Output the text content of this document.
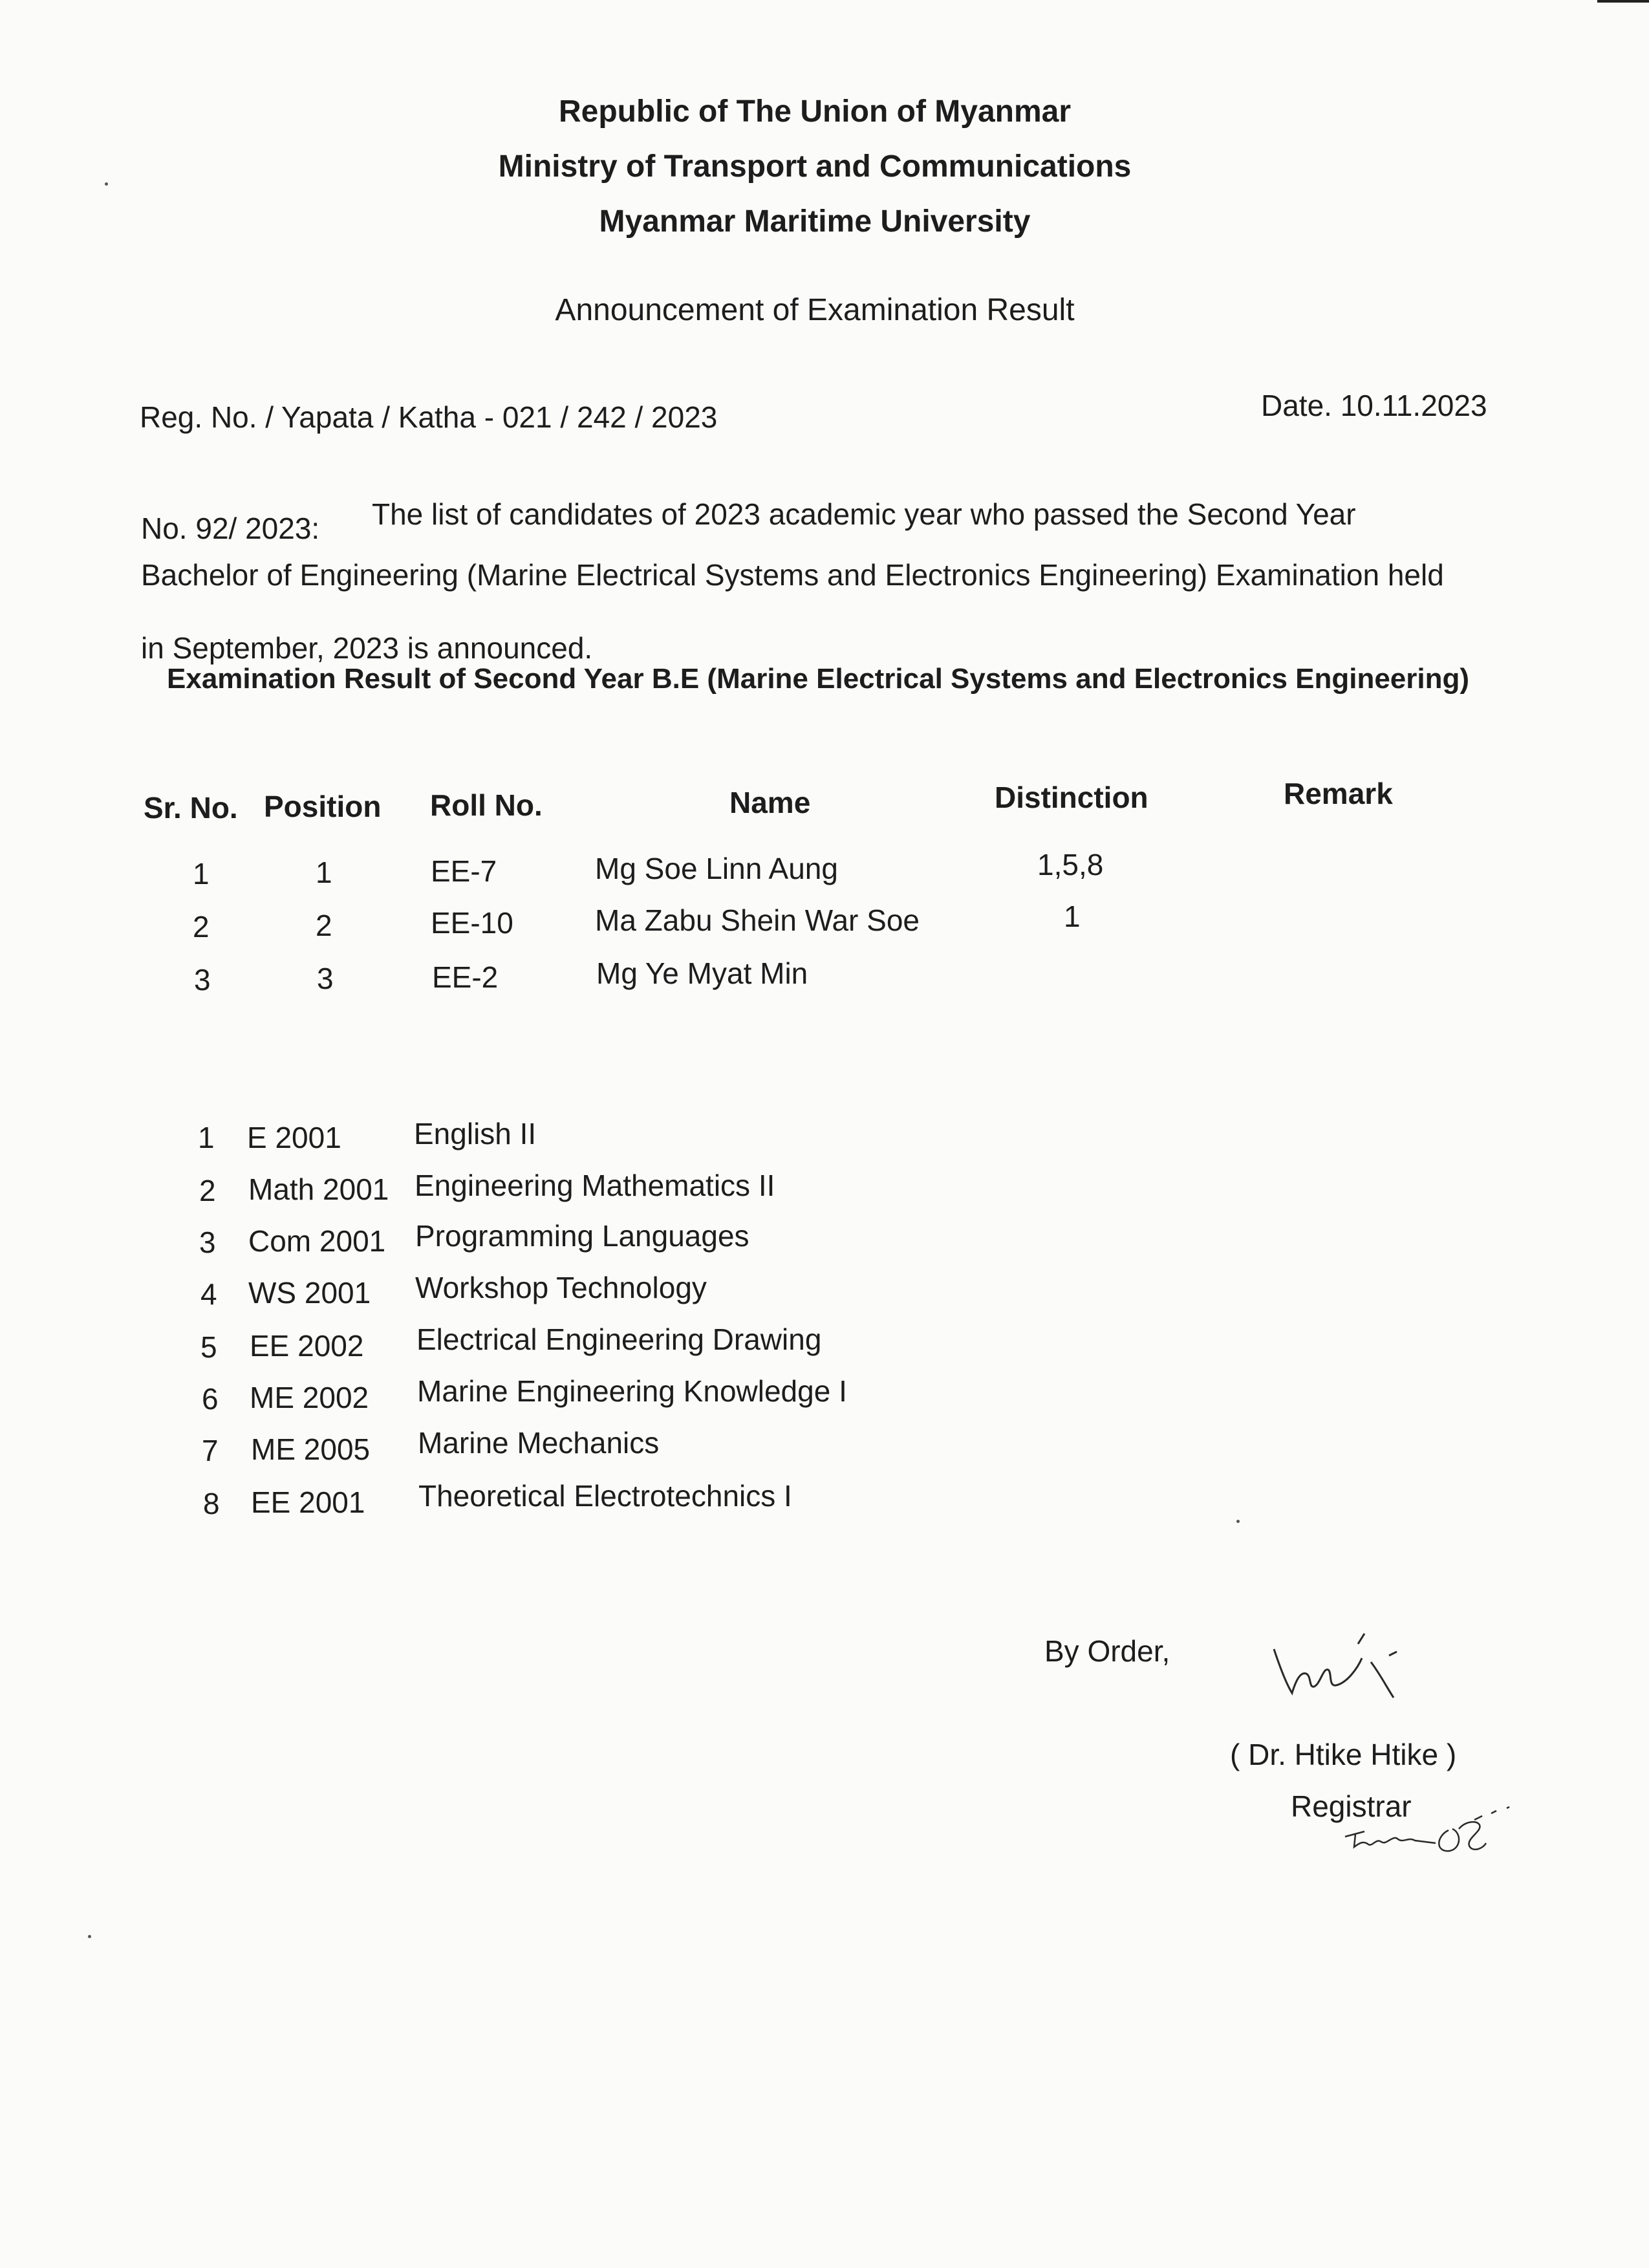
Republic of The Union of Myanmar
Ministry of Transport and Communications
Myanmar Maritime University
Announcement of Examination Result
Reg. No. / Yapata / Katha - 021 / 242 / 2023	Date. 10.11.2023
No. 92/ 2023: The list of candidates of 2023 academic year who passed the Second Year
Bachelor of Engineering (Marine Electrical Systems and Electronics Engineering) Examination held
in September, 2023 is announced.
Examination Result of Second Year B.E (Marine Electrical Systems and Electronics Engineering)
Sr. No. Position Roll No.	Name	Distinction	Remark
1	1	EE-7	Mg Soe Linn Aung	1,5,8
2	2	EE-10	Ma Zabu Shein War Soe	1
3	3	EE-2	Mg Ye Myat Min
1 E 2001 English II
2 Math 2001 Engineering Mathematics II
3 Com 2001 Programming Languages
4 WS 2001 Workshop Technology
5 EE 2002 Electrical Engineering Drawing
6 ME 2002 Marine Engineering Knowledge I
7 ME 2005 Marine Mechanics
8 EE 2001 Theoretical Electrotechnics I
By Order,
( Dr. Htike Htike )
Registrar
